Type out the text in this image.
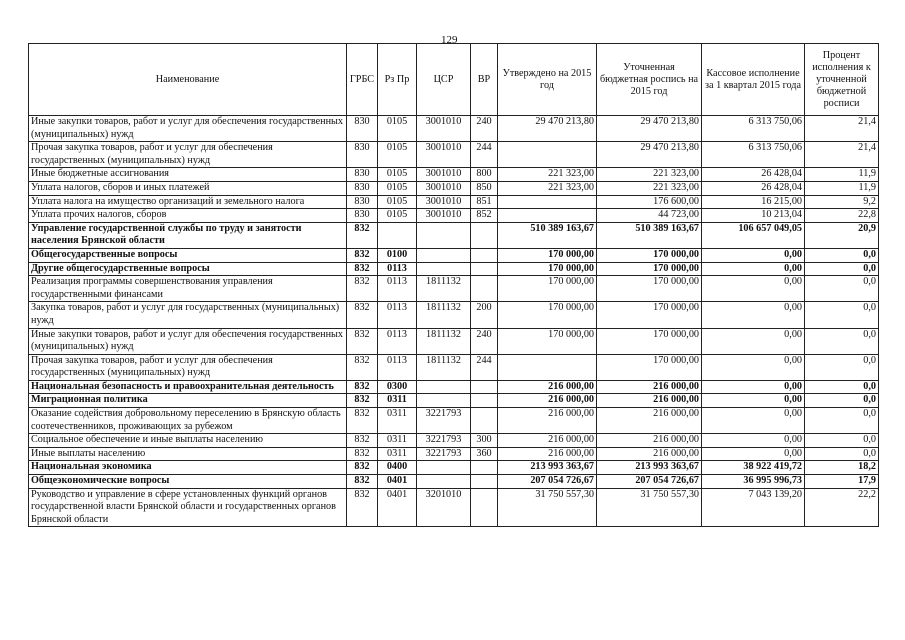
129
Наименование	ГРБС	Рз Пр	ЦСР	ВР	Утверждено на 2015 год	Уточненная бюджетная роспись на 2015 год	Кассовое исполнение за 1 квартал 2015 года	Процент исполнения к уточненной бюджетной росписи
Иные закупки товаров, работ и услуг для обеспечения государственных (муниципальных) нужд	830	0105	3001010	240	29 470 213,80	29 470 213,80	6 313 750,06	21,4
Прочая закупка товаров, работ и услуг для обеспечения государственных (муниципальных) нужд	830	0105	3001010	244		29 470 213,80	6 313 750,06	21,4
Иные бюджетные ассигнования	830	0105	3001010	800	221 323,00	221 323,00	26 428,04	11,9
Уплата налогов, сборов и иных платежей	830	0105	3001010	850	221 323,00	221 323,00	26 428,04	11,9
Уплата налога на имущество организаций и земельного налога	830	0105	3001010	851		176 600,00	16 215,00	9,2
Уплата прочих налогов, сборов	830	0105	3001010	852		44 723,00	10 213,04	22,8
Управление государственной службы по труду и занятости населения Брянской области	832				510 389 163,67	510 389 163,67	106 657 049,05	20,9
Общегосударственные вопросы	832	0100			170 000,00	170 000,00	0,00	0,0
Другие общегосударственные вопросы	832	0113			170 000,00	170 000,00	0,00	0,0
Реализация программы совершенствования управления государственными финансами	832	0113	1811132		170 000,00	170 000,00	0,00	0,0
Закупка товаров, работ и услуг для государственных (муниципальных) нужд	832	0113	1811132	200	170 000,00	170 000,00	0,00	0,0
Иные закупки товаров, работ и услуг для обеспечения государственных (муниципальных) нужд	832	0113	1811132	240	170 000,00	170 000,00	0,00	0,0
Прочая закупка товаров, работ и услуг для обеспечения государственных (муниципальных) нужд	832	0113	1811132	244		170 000,00	0,00	0,0
Национальная безопасность и правоохранительная деятельность	832	0300			216 000,00	216 000,00	0,00	0,0
Миграционная политика	832	0311			216 000,00	216 000,00	0,00	0,0
Оказание содействия добровольному переселению в Брянскую область соотечественников, проживающих за рубежом	832	0311	3221793		216 000,00	216 000,00	0,00	0,0
Социальное обеспечение и иные выплаты населению	832	0311	3221793	300	216 000,00	216 000,00	0,00	0,0
Иные выплаты населению	832	0311	3221793	360	216 000,00	216 000,00	0,00	0,0
Национальная экономика	832	0400			213 993 363,67	213 993 363,67	38 922 419,72	18,2
Общеэкономические вопросы	832	0401			207 054 726,67	207 054 726,67	36 995 996,73	17,9
Руководство и управление в сфере установленных функций органов государственной власти Брянской области и государственных органов Брянской области	832	0401	3201010		31 750 557,30	31 750 557,30	7 043 139,20	22,2
